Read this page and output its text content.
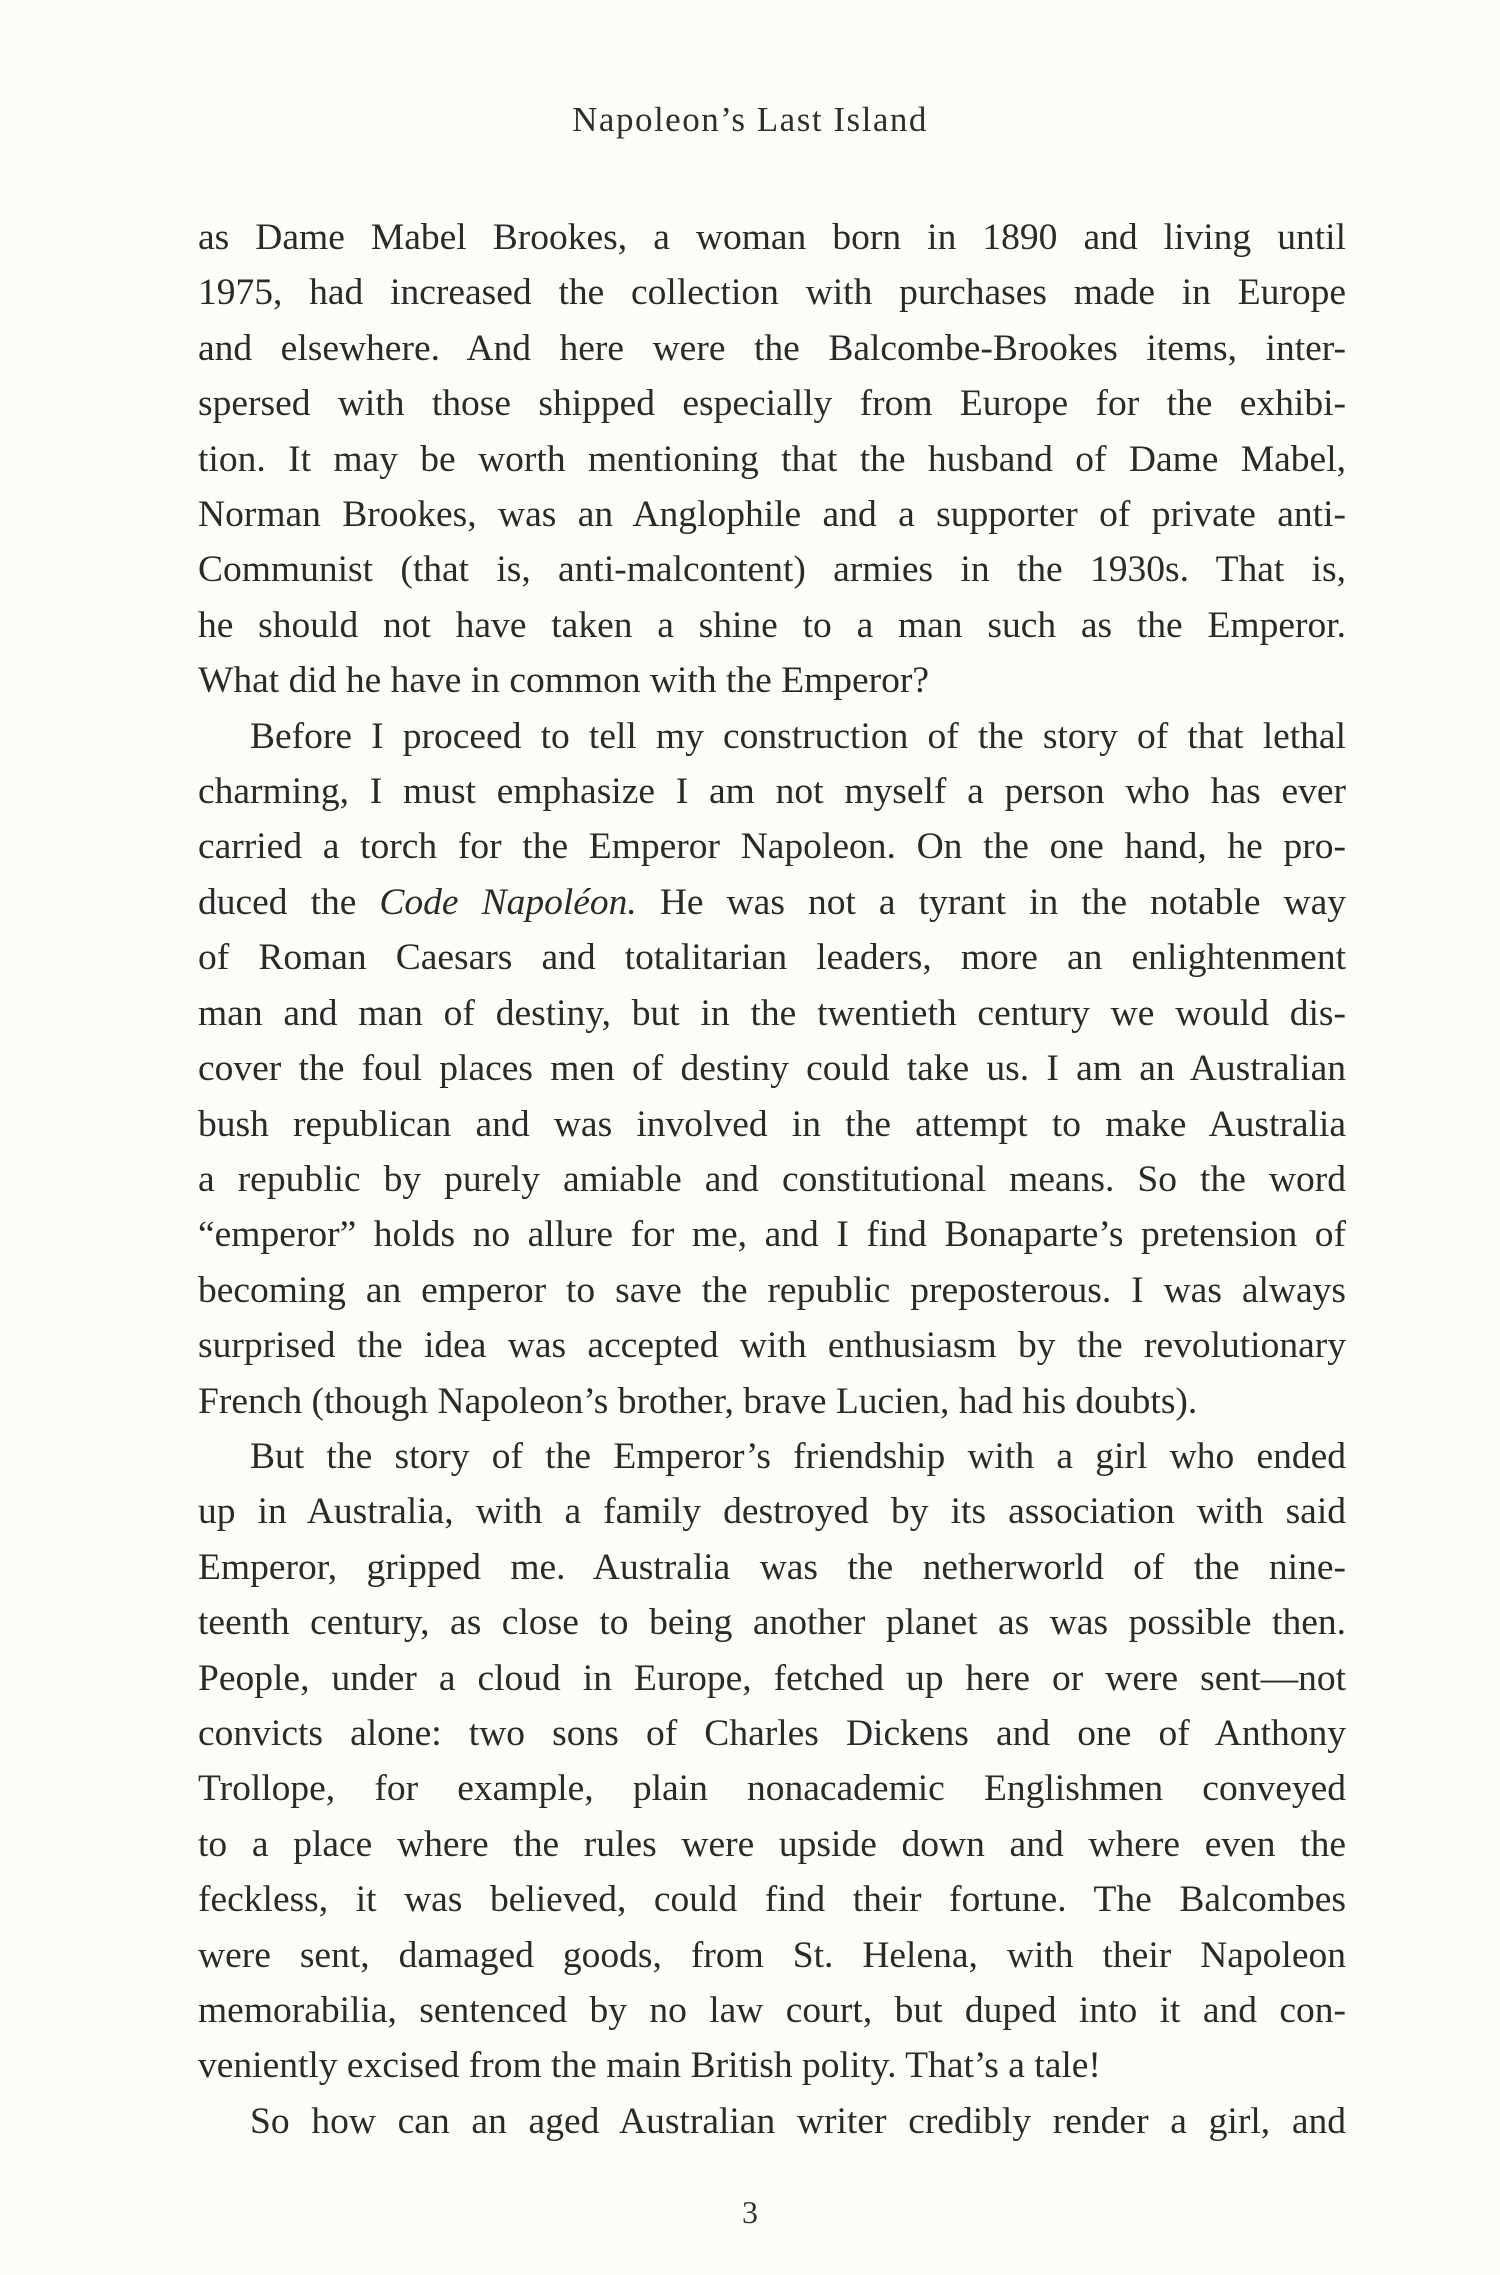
Napoleon’s Last Island

as Dame Mabel Brookes, a woman born in 1890 and living until

1975, had increased the collection with purchases made in Europe

and elsewhere. And here were the Balcombe-Brookes items, inter-

spersed with those shipped especially from Europe for the exhibi-

tion. It may be worth mentioning that the husband of Dame Mabel,

Norman Brookes, was an Anglophile and a supporter of private anti-

Communist (that is, anti-malcontent) armies in the 1930s. That is,

he should not have taken a shine to a man such as the Emperor.

What did he have in common with the Emperor?

Before I proceed to tell my construction of the story of that lethal

charming, I must emphasize I am not myself a person who has ever

carried a torch for the Emperor Napoleon. On the one hand, he pro-

duced the Code Napoléon. He was not a tyrant in the notable way

of Roman Caesars and totalitarian leaders, more an enlightenment

man and man of destiny, but in the twentieth century we would dis-

cover the foul places men of destiny could take us. I am an Australian

bush republican and was involved in the attempt to make Australia

a republic by purely amiable and constitutional means. So the word

“emperor” holds no allure for me, and I find Bonaparte’s pretension of

becoming an emperor to save the republic preposterous. I was always

surprised the idea was accepted with enthusiasm by the revolutionary

French (though Napoleon’s brother, brave Lucien, had his doubts).

But the story of the Emperor’s friendship with a girl who ended

up in Australia, with a family destroyed by its association with said

Emperor, gripped me. Australia was the netherworld of the nine-

teenth century, as close to being another planet as was possible then.

People, under a cloud in Europe, fetched up here or were sent—not

convicts alone: two sons of Charles Dickens and one of Anthony

Trollope, for example, plain nonacademic Englishmen conveyed

to a place where the rules were upside down and where even the

feckless, it was believed, could find their fortune. The Balcombes

were sent, damaged goods, from St. Helena, with their Napoleon

memorabilia, sentenced by no law court, but duped into it and con-

veniently excised from the main British polity. That’s a tale!

So how can an aged Australian writer credibly render a girl, and

3
